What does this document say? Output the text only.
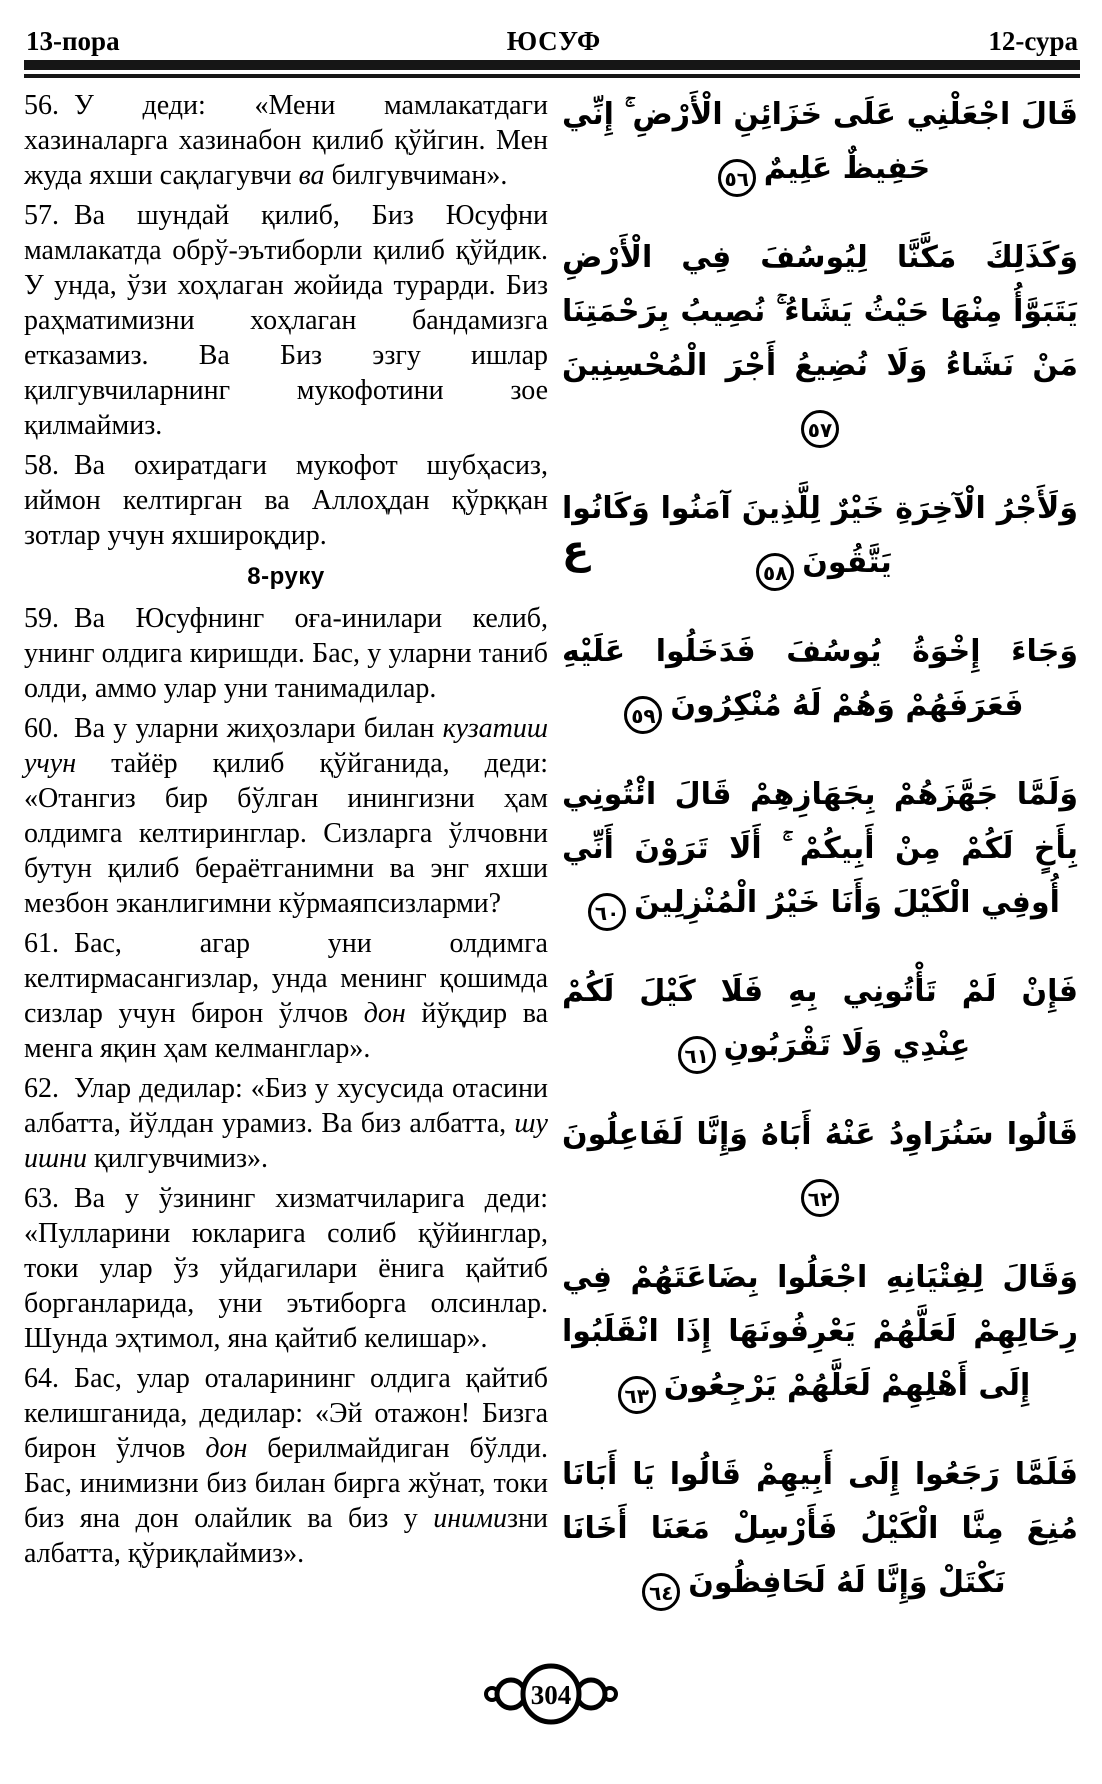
13-пора	ЮСУФ	12-сура

56. У деди: «Мени мамлакатдаги хазиналарга хазинабон қилиб қўйгин. Мен жуда яхши сақлагувчи ва билгувчиман».

57. Ва шундай қилиб, Биз Юсуфни мамлакатда обрў-эътиборли қилиб қўйдик. У унда, ўзи хоҳлаган жойида турарди. Биз раҳматимизни хоҳлаган бандамизга етказамиз. Ва Биз эзгу ишлар қилгувчиларнинг мукофотини зое қилмаймиз.

58. Ва охиратдаги мукофот шубҳасиз, иймон келтирган ва Аллоҳдан қўрққан зотлар учун яхшироқдир.

8-руку

59. Ва Юсуфнинг оға-инилари келиб, унинг олдига киришди. Бас, у уларни таниб олди, аммо улар уни танимадилар.

60. Ва у уларни жиҳозлари билан кузатиш учун тайёр қилиб қўйганида, деди: «Отангиз бир бўлган инингизни ҳам олдимга келтиринглар. Сизларга ўлчовни бутун қилиб бераётганимни ва энг яхши мезбон эканлигимни кўрмаяпсизларми?

61. Бас, агар уни олдимга келтирмасангизлар, унда менинг қошимда сизлар учун бирон ўлчов дон йўқдир ва менга яқин ҳам келманглар».

62. Улар дедилар: «Биз у хусусида отасини албатта, йўлдан урамиз. Ва биз албатта, шу ишни қилгувчимиз».

63. Ва у ўзининг хизматчиларига деди: «Пулларини юкларига солиб қўйинглар, токи улар ўз уйдагилари ёнига қайтиб борганларида, уни эътиборга олсинлар. Шунда эҳтимол, яна қайтиб келишар».

64. Бас, улар оталарининг олдига қайтиб келишганида, дедилар: «Эй отажон! Бизга бирон ўлчов дон берилмайдиган бўлди. Бас, инимизни биз билан бирга жўнат, токи биз яна дон олайлик ва биз у инимизни албатта, қўриқлаймиз».

قَالَ اجْعَلْنِي عَلَى خَزَائِنِ الْأَرْضِ ۚ إِنِّي حَفِيظٌ عَلِيمٌ٥٦
وَكَذَلِكَ مَكَّنَّا لِيُوسُفَ فِي الْأَرْضِ يَتَبَوَّأُ مِنْهَا حَيْثُ يَشَاءُ ۚ نُصِيبُ بِرَحْمَتِنَا مَنْ نَشَاءُ وَلَا نُضِيعُ أَجْرَ الْمُحْسِنِينَ٥٧
ع
وَلَأَجْرُ الْآخِرَةِ خَيْرٌ لِلَّذِينَ آمَنُوا وَكَانُوا يَتَّقُونَ٥٨
وَجَاءَ إِخْوَةُ يُوسُفَ فَدَخَلُوا عَلَيْهِ فَعَرَفَهُمْ وَهُمْ لَهُ مُنْكِرُونَ٥٩
وَلَمَّا جَهَّزَهُمْ بِجَهَازِهِمْ قَالَ ائْتُونِي بِأَخٍ لَكُمْ مِنْ أَبِيكُمْ ۚ أَلَا تَرَوْنَ أَنِّي أُوفِي الْكَيْلَ وَأَنَا خَيْرُ الْمُنْزِلِينَ٦٠
فَإِنْ لَمْ تَأْتُونِي بِهِ فَلَا كَيْلَ لَكُمْ عِنْدِي وَلَا تَقْرَبُونِ٦١
قَالُوا سَنُرَاوِدُ عَنْهُ أَبَاهُ وَإِنَّا لَفَاعِلُونَ٦٢
وَقَالَ لِفِتْيَانِهِ اجْعَلُوا بِضَاعَتَهُمْ فِي رِحَالِهِمْ لَعَلَّهُمْ يَعْرِفُونَهَا إِذَا انْقَلَبُوا إِلَى أَهْلِهِمْ لَعَلَّهُمْ يَرْجِعُونَ٦٣
فَلَمَّا رَجَعُوا إِلَى أَبِيهِمْ قَالُوا يَا أَبَانَا مُنِعَ مِنَّا الْكَيْلُ فَأَرْسِلْ مَعَنَا أَخَانَا نَكْتَلْ وَإِنَّا لَهُ لَحَافِظُونَ٦٤
304
